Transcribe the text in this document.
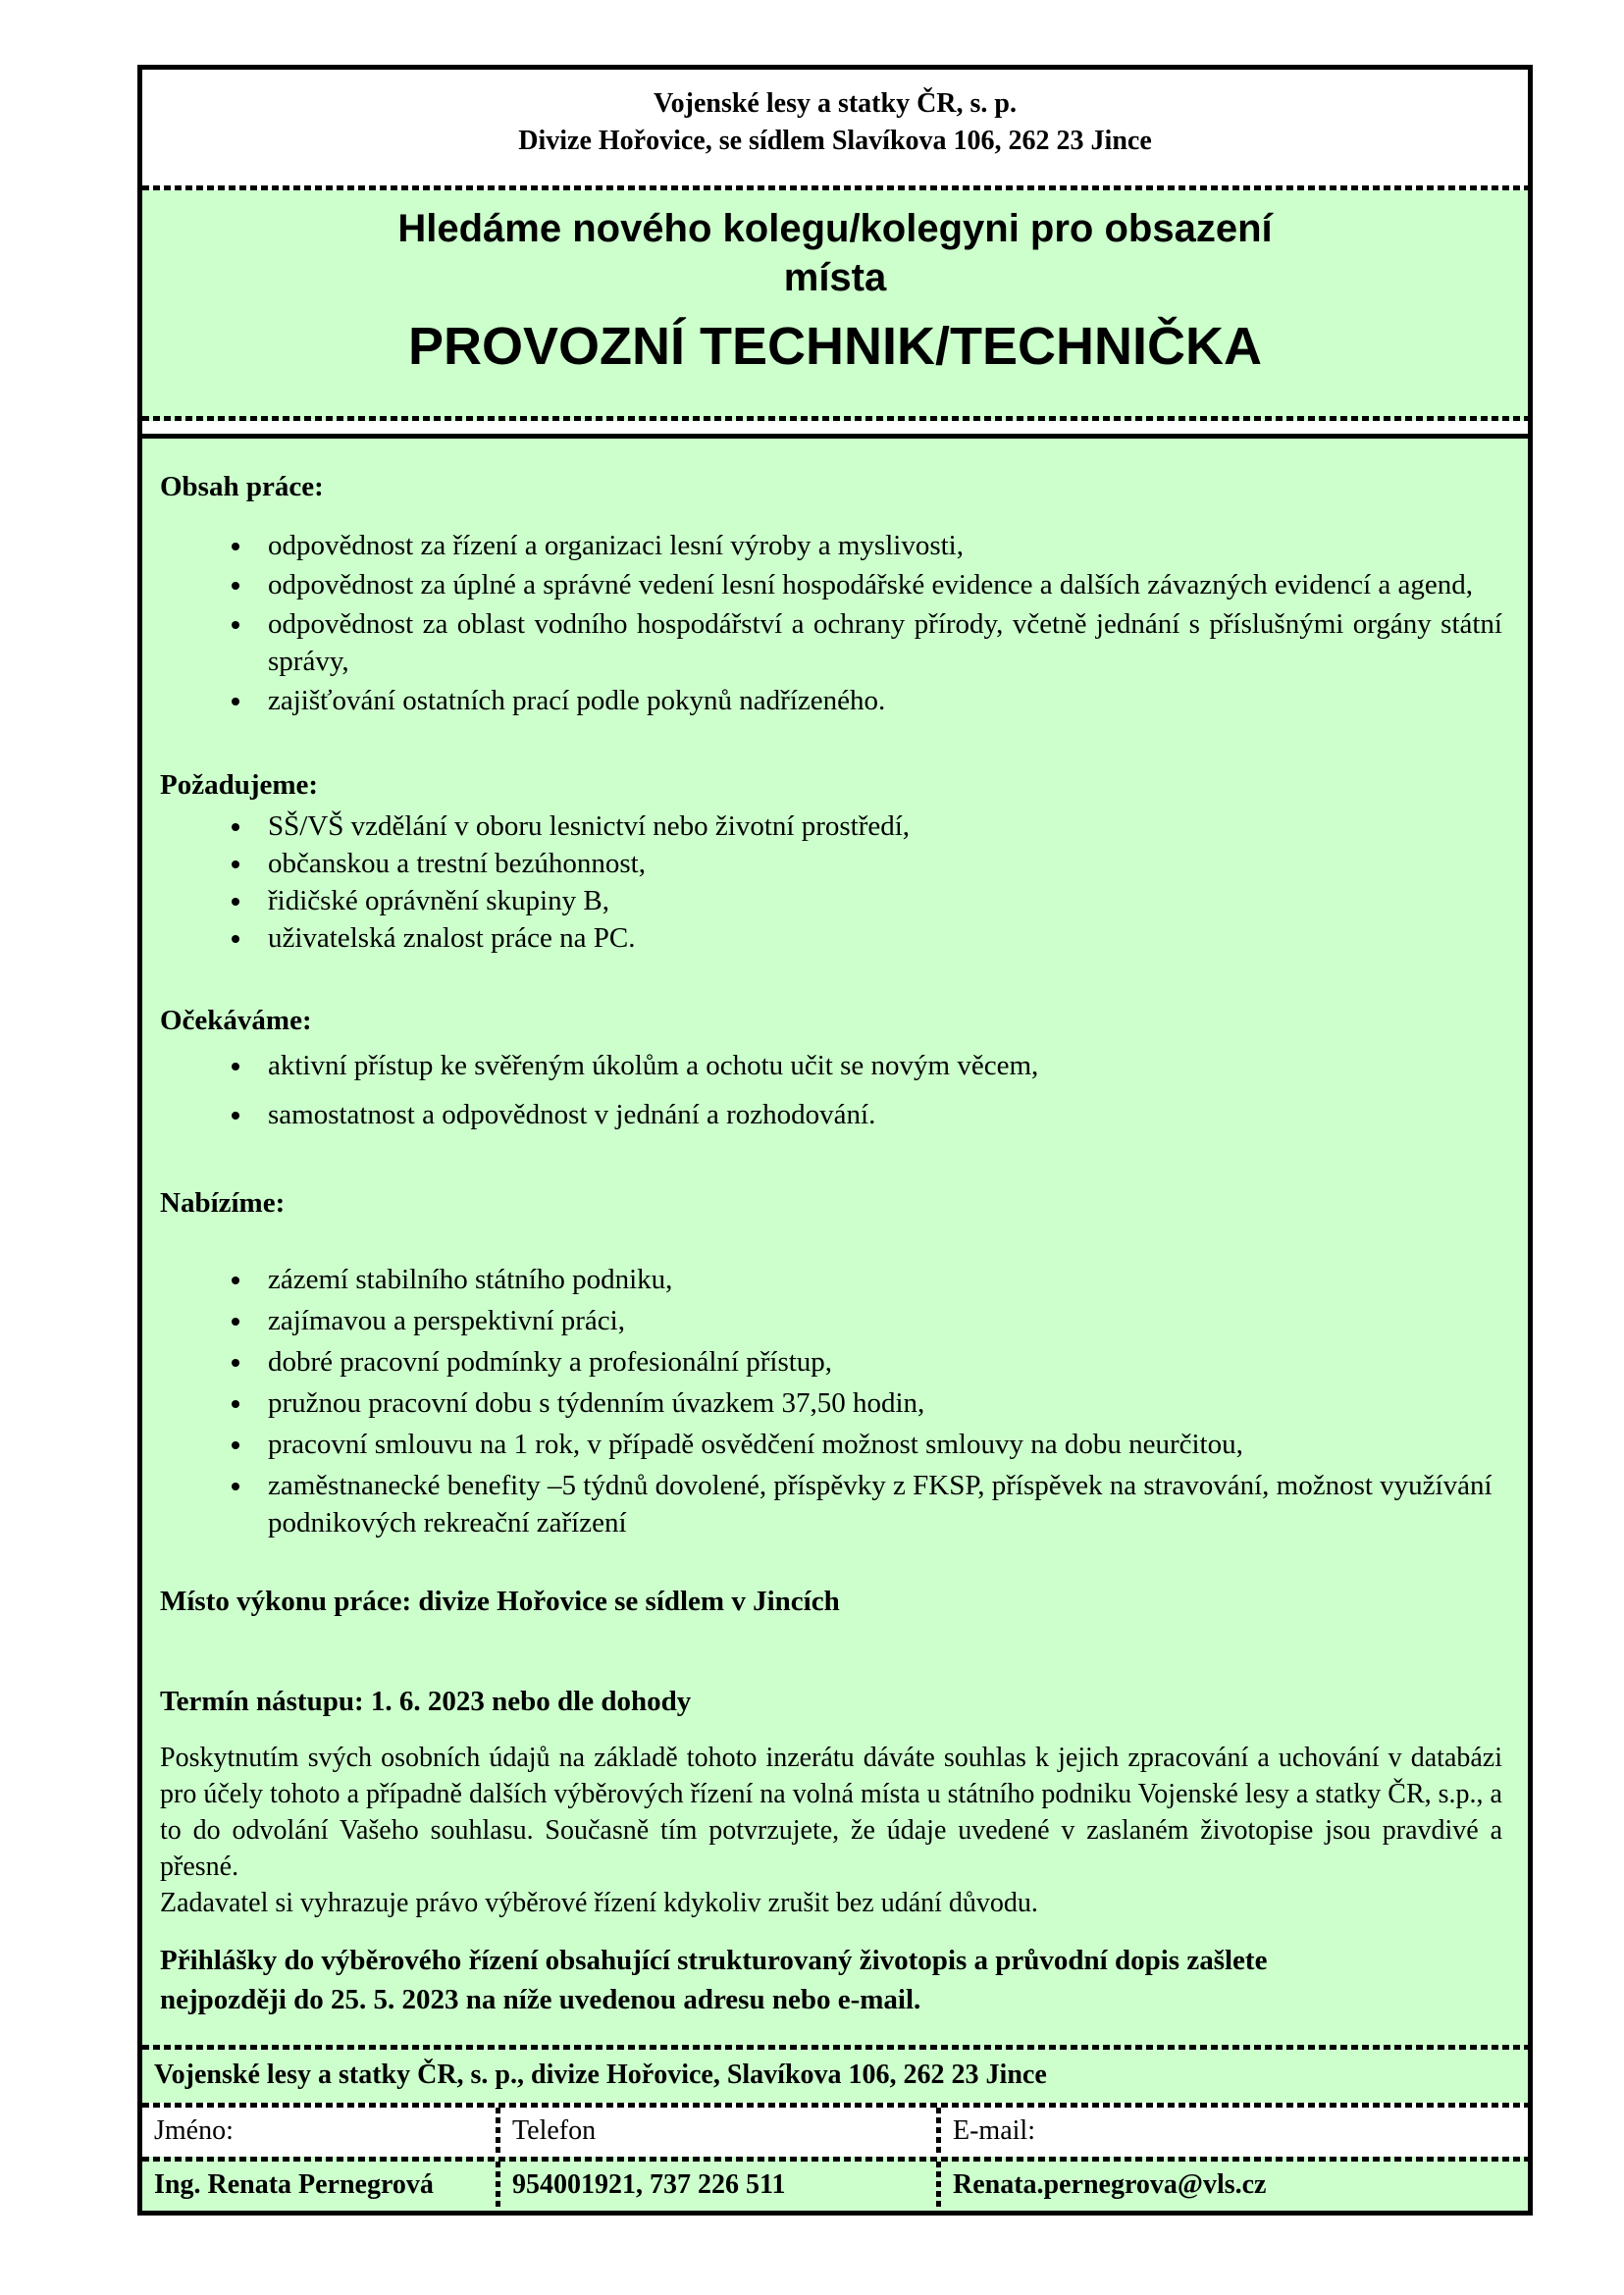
Vojenské lesy a statky ČR, s. p.
Divize Hořovice, se sídlem Slavíkova 106, 262 23 Jince
Hledáme nového kolegu/kolegyni pro obsazení
místa
PROVOZNÍ TECHNIK/TECHNIČKA
Obsah práce:
• odpovědnost za řízení a organizaci lesní výroby a myslivosti,
• odpovědnost za úplné a správné vedení lesní hospodářské evidence a dalších závazných evidencí a agend,
• odpovědnost za oblast vodního hospodářství a ochrany přírody, včetně jednání s příslušnými orgány státní správy,
• zajišťování ostatních prací podle pokynů nadřízeného.
Požadujeme:
• SŠ/VŠ vzdělání v oboru lesnictví nebo životní prostředí,
• občanskou a trestní bezúhonnost,
• řidičské oprávnění skupiny B,
• uživatelská znalost práce na PC.
Očekáváme:
• aktivní přístup ke svěřeným úkolům a ochotu učit se novým věcem,
• samostatnost a odpovědnost v jednání a rozhodování.
Nabízíme:
• zázemí stabilního státního podniku,
• zajímavou a perspektivní práci,
• dobré pracovní podmínky a profesionální přístup,
• pružnou pracovní dobu s týdenním úvazkem 37,50 hodin,
• pracovní smlouvu na 1 rok, v případě osvědčení možnost smlouvy na dobu neurčitou,
• zaměstnanecké benefity –5 týdnů dovolené, příspěvky z FKSP, příspěvek na stravování, možnost využívání podnikových rekreační zařízení

Místo výkonu práce: divize Hořovice se sídlem v Jincích

Termín nástupu: 1. 6. 2023 nebo dle dohody

Poskytnutím svých osobních údajů na základě tohoto inzerátu dáváte souhlas k jejich zpracování a uchování v databázi pro účely tohoto a případně dalších výběrových řízení na volná místa u státního podniku Vojenské lesy a statky ČR, s.p., a to do odvolání Vašeho souhlasu. Současně tím potvrzujete, že údaje uvedené v zaslaném životopise jsou pravdivé a přesné.

Zadavatel si vyhrazuje právo výběrové řízení kdykoliv zrušit bez udání důvodu.

Přihlášky do výběrového řízení obsahující strukturovaný životopis a průvodní dopis zašlete
nejpozději do 25. 5. 2023 na níže uvedenou adresu nebo e-mail.
Vojenské lesy a statky ČR, s. p., divize Hořovice, Slavíkova 106, 262 23 Jince
Jméno:	Telefon	E-mail:
Ing. Renata Pernegrová	954001921, 737 226 511	Renata.pernegrova@vls.cz
